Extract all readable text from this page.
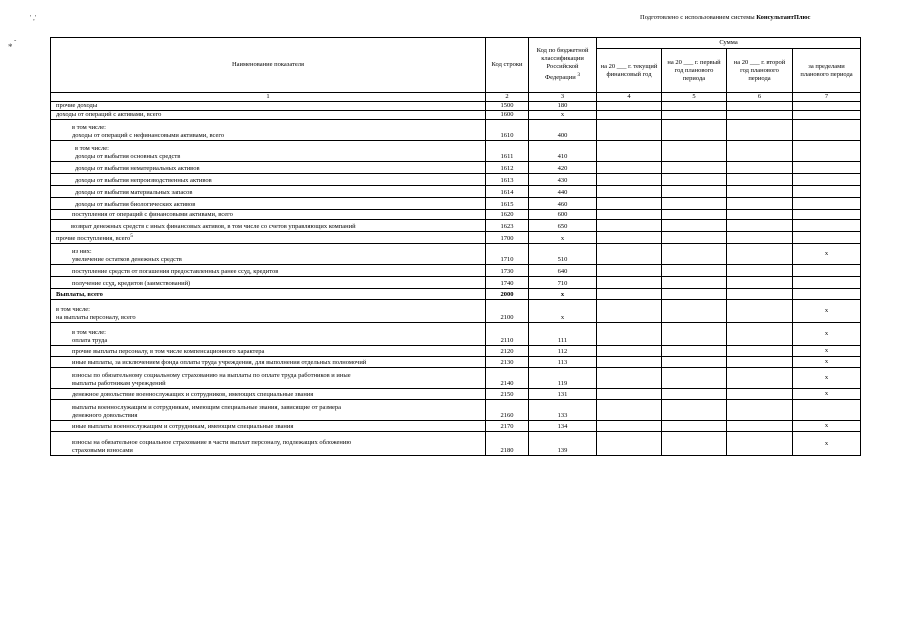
' ,'
-
*
Подготовлено с использованием системы КонсультантПлюс
Наименование показателя	Код строки	Код по бюджетной классификации Российской Федерации $^3$	Сумма			
			на 20 ___ г. текущий финансовый год	на 20 ___ г. первый год планового периода	на 20 ___ г. второй год планового периода	за пределами планового периода
1	2	3	4	5	6	7
прочие доходы	1500	180				
доходы от операций с активами, всего	1600	x				

в том числе:
доходы от операций с нефинансовыми активами, всего	1610	400				

в том числе:
доходы от выбытия основных средств	1611	410				
доходы от выбытия нематериальных активов	1612	420				
доходы от выбытия непроизводственных активов	1613	430				
доходы от выбытия материальных запасов	1614	440				
доходы от выбытия биологических активов	1615	460				
поступления от операций с финансовыми активами, всего	1620	600				
возврат денежных средств с иных финансовых активов, в том числе со счетов управляющих компаний	1623	650				
прочие поступления, всего$^5$	1700	x				

из них:
увеличение остатков денежных средств	1710	510				x
поступление средств от погашения предоставленных ранее ссуд, кредитов	1730	640				
получение ссуд, кредитов (заимствований)	1740	710				
Выплаты, всего	2000	x				

в том числе:
на выплаты персоналу, всего	2100	x				x

в том числе:
оплата труда	2110	111				x
прочие выплаты персоналу, в том числе компенсационного характера	2120	112				x
иные выплаты, за исключением фонда оплаты труда учреждения, для выполнения отдельных полномочий	2130	113				x

взносы по обязательному социальному страхованию на выплаты по оплате труда работников и иные
выплаты работникам учреждений	2140	119				x
денежное довольствие военнослужащих и сотрудников, имеющих специальные звания	2150	131				x

выплаты военнослужащим и сотрудникам, имеющим специальные звания, зависящие от размера
денежного довольствия	2160	133				
иные выплаты военнослужащим и сотрудникам, имеющим специальные звания	2170	134				x

взносы на обязательное социальное страхование в части выплат персоналу, подлежащих обложению
страховыми взносами	2180	139				x
